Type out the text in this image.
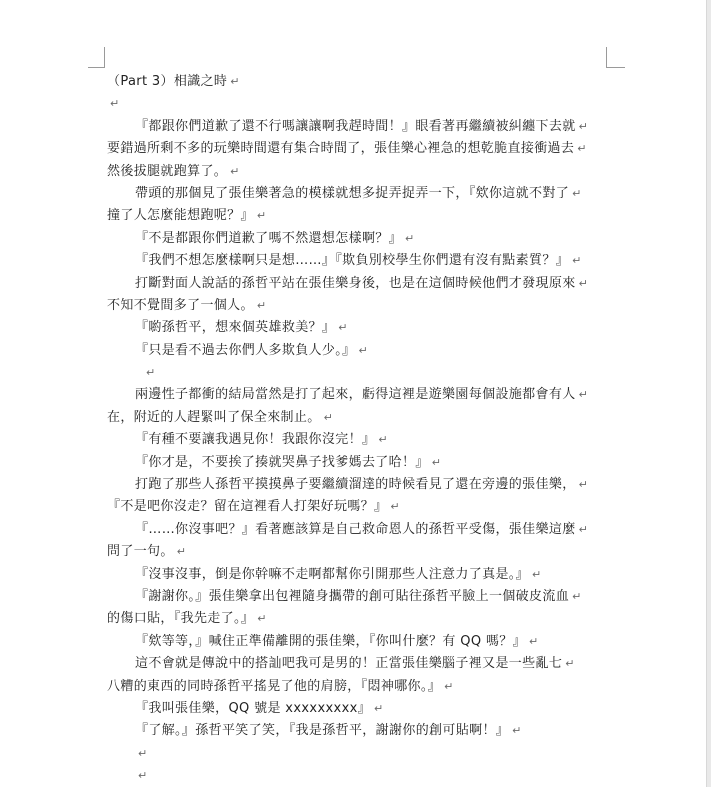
（Part 3）相識之時 ↵
↵
『都跟你們道歉了還不行嗎讓讓啊我趕時間！』眼看著再繼續被糾纏下去就 ↵
要錯過所剩不多的玩樂時間還有集合時間了，張佳樂心裡急的想乾脆直接衝過去 ↵
然後拔腿就跑算了。 ↵
帶頭的那個見了張佳樂著急的模樣就想多捉弄捉弄一下，『欸你這就不對了 ↵
撞了人怎麼能想跑呢？』 ↵
『不是都跟你們道歉了嗎不然還想怎樣啊？』 ↵
『我們不想怎麼樣啊只是想……』『欺負別校學生你們還有沒有點素質？』 ↵
打斷對面人說話的孫哲平站在張佳樂身後，也是在這個時候他們才發現原來 ↵
不知不覺間多了一個人。 ↵
『喲孫哲平，想來個英雄救美？』 ↵
『只是看不過去你們人多欺負人少。』 ↵
↵
兩邊性子都衝的結局當然是打了起來，虧得這裡是遊樂園每個設施都會有人 ↵
在，附近的人趕緊叫了保全來制止。 ↵
『有種不要讓我遇見你！我跟你沒完！』 ↵
『你才是，不要挨了揍就哭鼻子找爹媽去了哈！』 ↵
打跑了那些人孫哲平摸摸鼻子要繼續溜達的時候看見了還在旁邊的張佳樂， ↵
『不是吧你沒走？留在這裡看人打架好玩嗎？』 ↵
『……你沒事吧？』看著應該算是自己救命恩人的孫哲平受傷，張佳樂這麼 ↵
問了一句。 ↵
『沒事沒事，倒是你幹嘛不走啊都幫你引開那些人注意力了真是。』 ↵
『謝謝你。』張佳樂拿出包裡隨身攜帶的創可貼往孫哲平臉上一個破皮流血 ↵
的傷口貼，『我先走了。』 ↵
『欸等等，』喊住正準備離開的張佳樂，『你叫什麼？有 QQ 嗎？』 ↵
這不會就是傳說中的搭訕吧我可是男的！正當張佳樂腦子裡又是一些亂七 ↵
八糟的東西的同時孫哲平搖晃了他的肩膀，『悶神哪你。』 ↵
『我叫張佳樂，QQ 號是 xxxxxxxxx』 ↵
『了解。』孫哲平笑了笑，『我是孫哲平，謝謝你的創可貼啊！』 ↵
↵
↵
